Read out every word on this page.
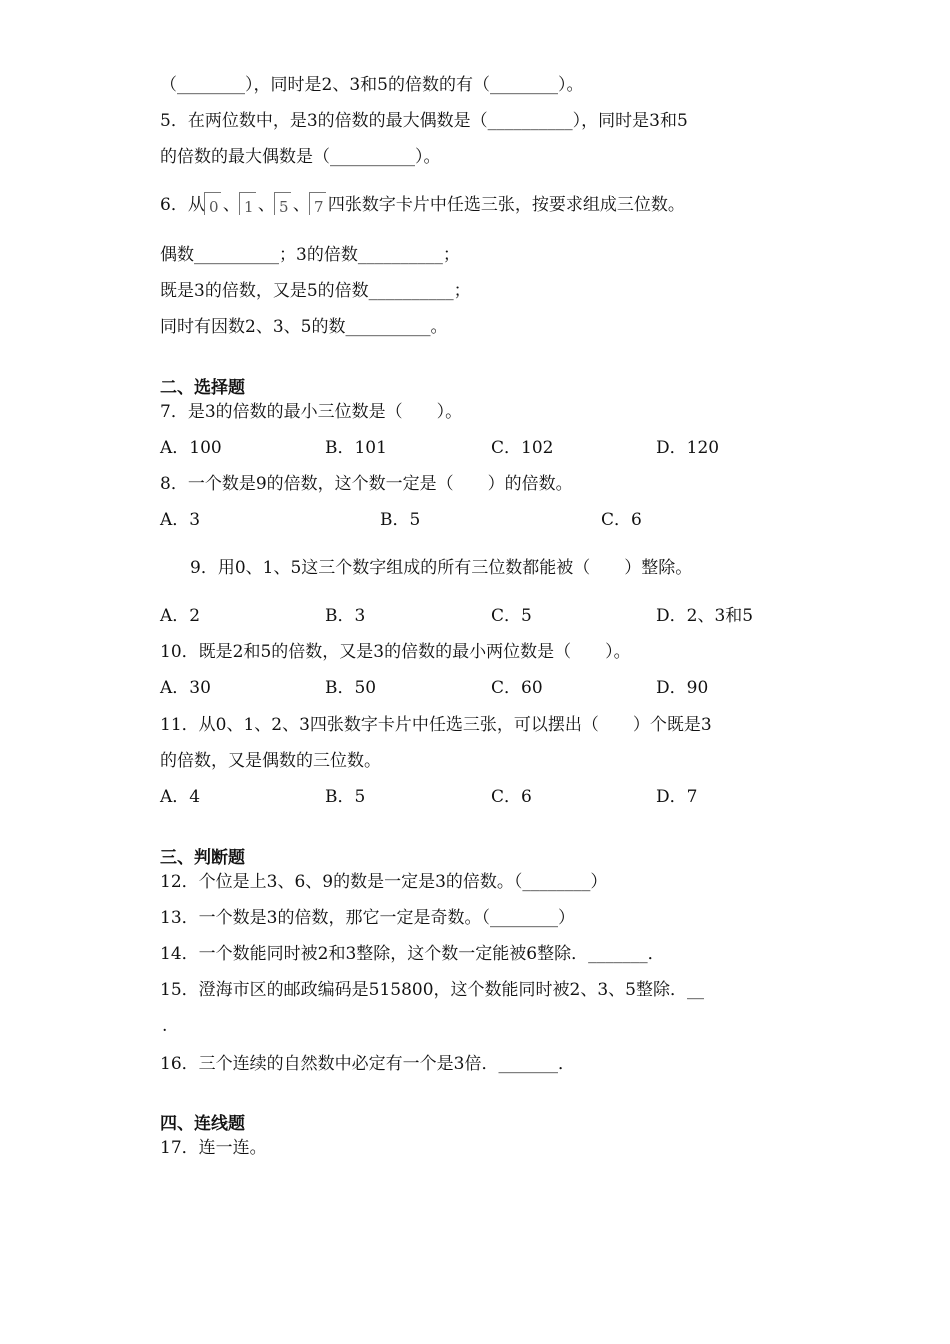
（________），同时是2、3和5的倍数的有（________）。
5．在两位数中，是3的倍数的最大偶数是（__________），同时是3和5
的倍数的最大偶数是（__________）。
6．从 0 、 1 、 5 、 7 四张数字卡片中任选三张，按要求组成三位数。
偶数__________；3的倍数__________；
既是3的倍数，又是5的倍数__________；
同时有因数2、3、5的数__________。
二、选择题
7．是3的倍数的最小三位数是（　　）。
A．100	B．101	C．102	D．120
8．一个数是9的倍数，这个数一定是（　　）的倍数。
A．3	B．5	C．6
9．用0、1、5这三个数字组成的所有三位数都能被（　　）整除。
A．2	B．3	C．5	D．2、3和5
10．既是2和5的倍数，又是3的倍数的最小两位数是（　　）。
A．30	B．50	C．60	D．90
11．从0、1、2、3四张数字卡片中任选三张，可以摆出（　　）个既是3
的倍数，又是偶数的三位数。
A．4	B．5	C．6	D．7
三、判断题
12．个位是上3、6、9的数是一定是3的倍数。（________）
13．一个数是3的倍数，那它一定是奇数。（________）
14．一个数能同时被2和3整除，这个数一定能被6整除．_______．
15．澄海市区的邮政编码是515800，这个数能同时被2、3、5整除．__
.
16．三个连续的自然数中必定有一个是3倍．_______．
四、连线题
17．连一连。
